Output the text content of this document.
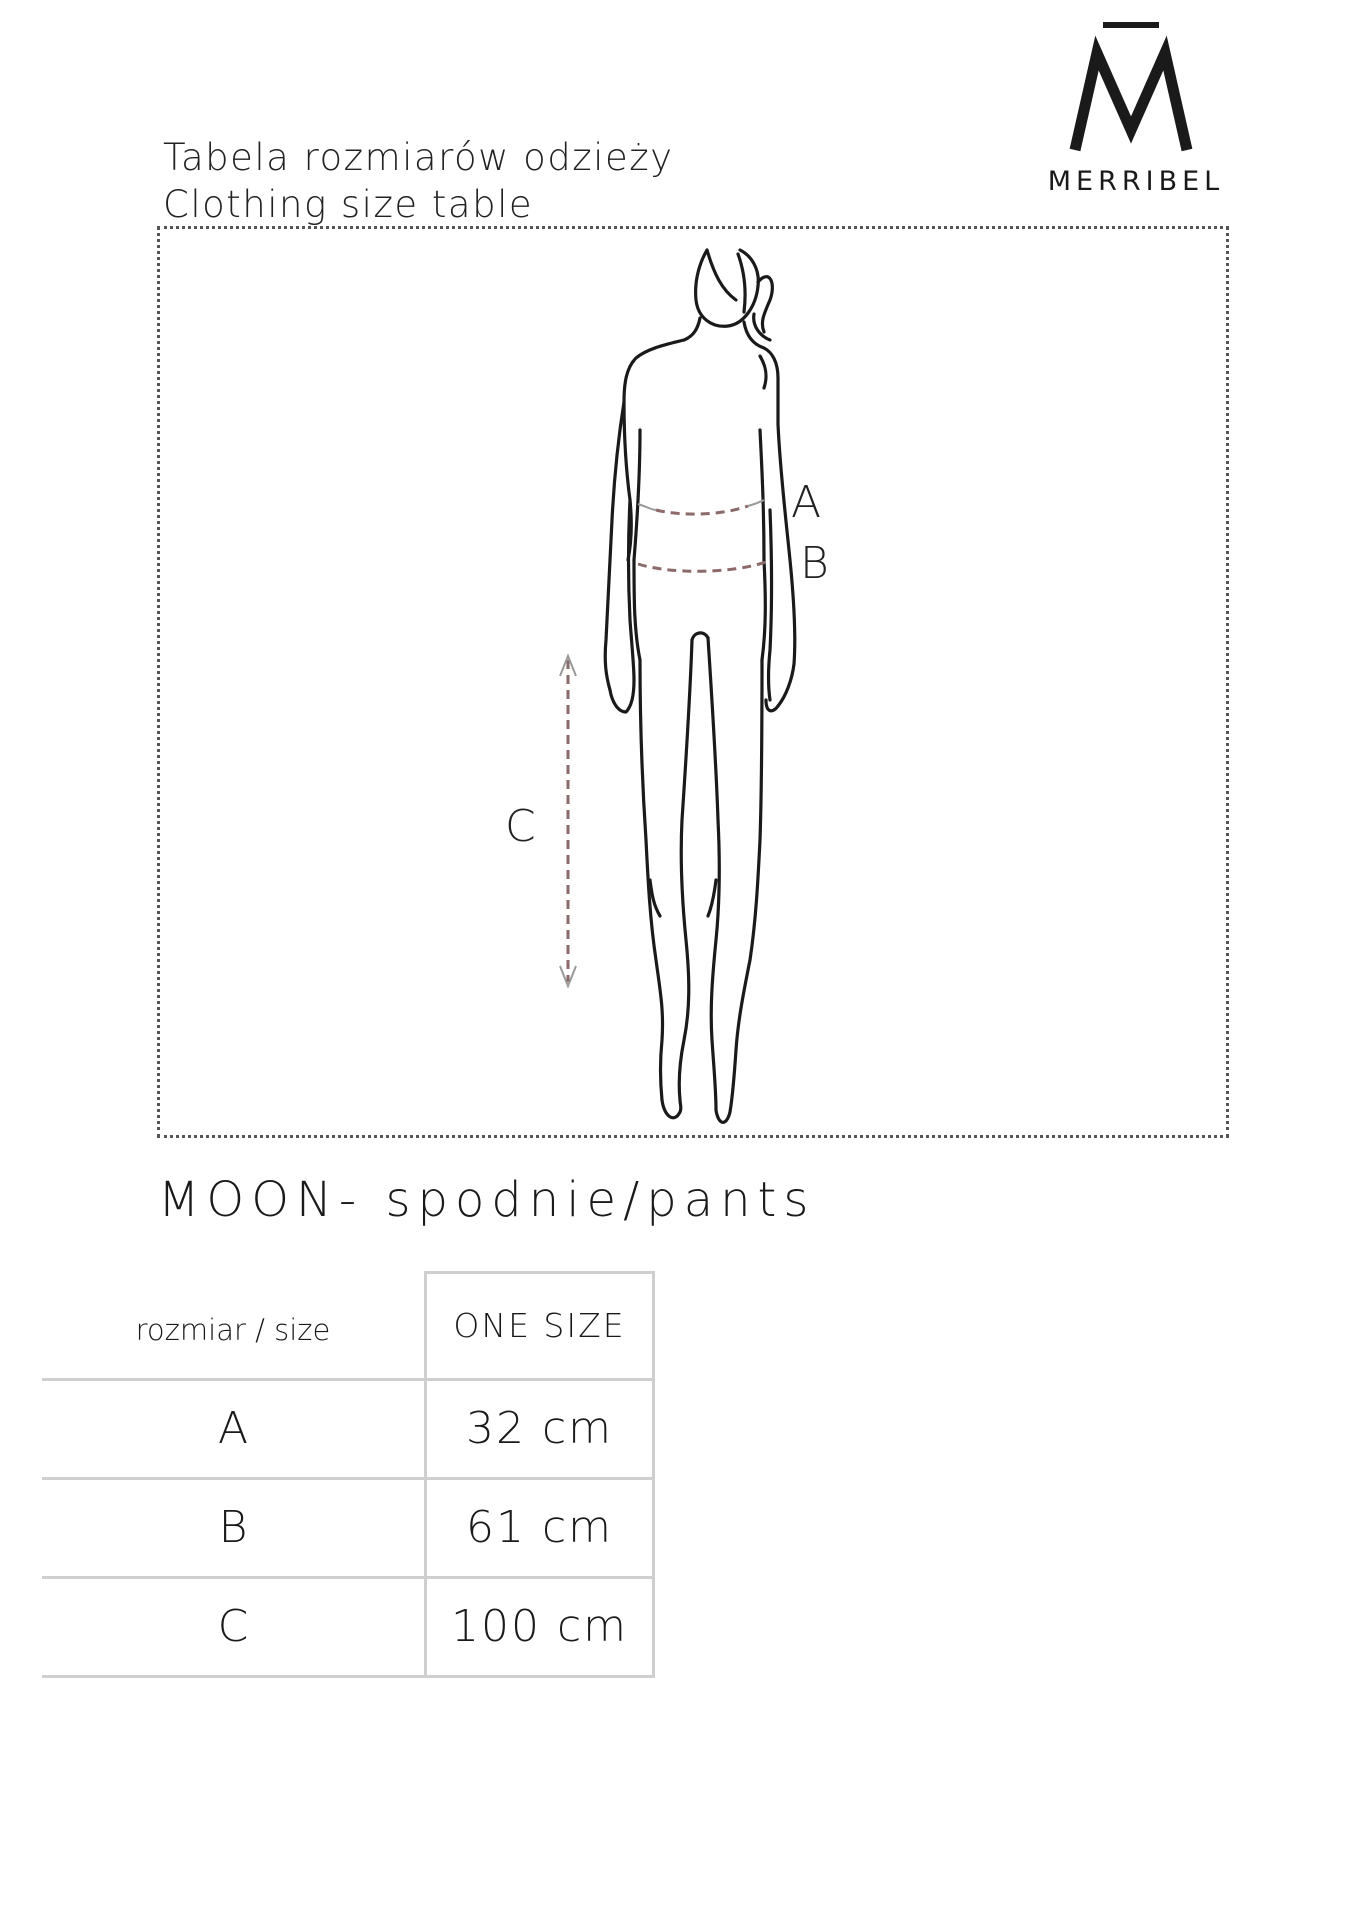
Tabela rozmiarów odzieży
Clothing size table
MERRIBEL
A
B
C
MOON- spodnie/pants
rozmiar / size	ONE SIZE
A	32 cm
B	61 cm
C	100 cm
